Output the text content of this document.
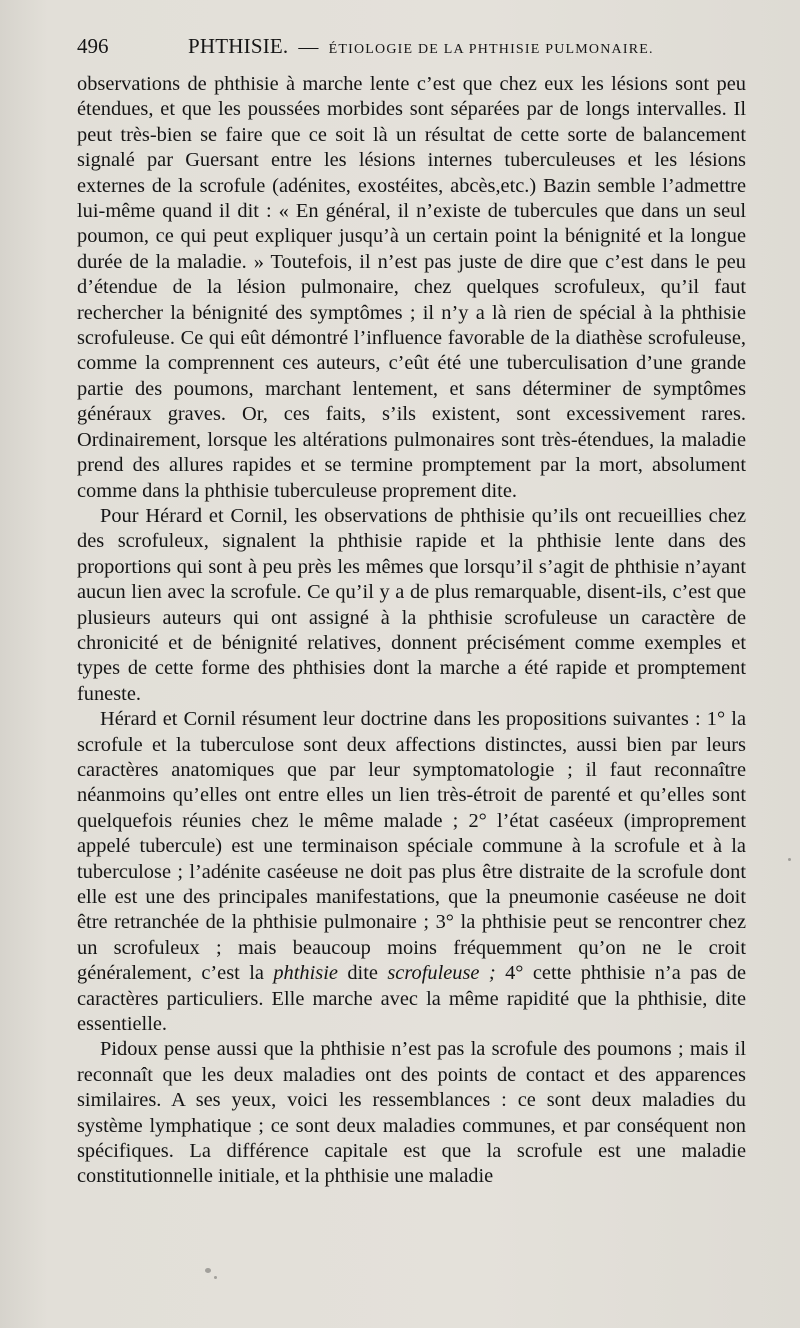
496	PHTHISIE. — ÉTIOLOGIE DE LA PHTHISIE PULMONAIRE.

observations de phthisie à marche lente c’est que chez eux les lésions sont peu étendues, et que les poussées morbides sont séparées par de longs intervalles. Il peut très-bien se faire que ce soit là un résultat de cette sorte de balancement signalé par Guersant entre les lésions internes tuberculeuses et les lésions externes de la scrofule (adénites, exostéites, abcès,etc.) Bazin semble l’admettre lui-même quand il dit : « En général, il n’existe de tubercules que dans un seul poumon, ce qui peut expliquer jusqu’à un certain point la bénignité et la longue durée de la maladie. » Toutefois, il n’est pas juste de dire que c’est dans le peu d’étendue de la lésion pulmonaire, chez quelques scrofuleux, qu’il faut rechercher la bénignité des symptômes ; il n’y a là rien de spécial à la phthisie scrofuleuse. Ce qui eût démontré l’influence favorable de la diathèse scrofuleuse, comme la comprennent ces auteurs, c’eût été une tuberculisation d’une grande partie des poumons, marchant lentement, et sans déterminer de symptômes généraux graves. Or, ces faits, s’ils existent, sont excessivement rares. Ordinairement, lorsque les altérations pulmonaires sont très-étendues, la maladie prend des allures rapides et se termine promptement par la mort, absolument comme dans la phthisie tuberculeuse proprement dite.

Pour Hérard et Cornil, les observations de phthisie qu’ils ont recueillies chez des scrofuleux, signalent la phthisie rapide et la phthisie lente dans des proportions qui sont à peu près les mêmes que lorsqu’il s’agit de phthisie n’ayant aucun lien avec la scrofule. Ce qu’il y a de plus remarquable, disent-ils, c’est que plusieurs auteurs qui ont assigné à la phthisie scrofuleuse un caractère de chronicité et de bénignité relatives, donnent précisément comme exemples et types de cette forme des phthisies dont la marche a été rapide et promptement funeste.

Hérard et Cornil résument leur doctrine dans les propositions suivantes : 1° la scrofule et la tuberculose sont deux affections distinctes, aussi bien par leurs caractères anatomiques que par leur symptomatologie ; il faut reconnaître néanmoins qu’elles ont entre elles un lien très-étroit de parenté et qu’elles sont quelquefois réunies chez le même malade ; 2° l’état caséeux (improprement appelé tubercule) est une terminaison spéciale commune à la scrofule et à la tuberculose ; l’adénite caséeuse ne doit pas plus être distraite de la scrofule dont elle est une des principales manifestations, que la pneumonie caséeuse ne doit être retranchée de la phthisie pulmonaire ; 3° la phthisie peut se rencontrer chez un scrofuleux ; mais beaucoup moins fréquemment qu’on ne le croit généralement, c’est la phthisie dite scrofuleuse ; 4° cette phthisie n’a pas de caractères particuliers. Elle marche avec la même rapidité que la phthisie, dite essentielle.

Pidoux pense aussi que la phthisie n’est pas la scrofule des poumons ; mais il reconnaît que les deux maladies ont des points de contact et des apparences similaires. A ses yeux, voici les ressemblances : ce sont deux maladies du système lymphatique ; ce sont deux maladies communes, et par conséquent non spécifiques. La différence capitale est que la scrofule est une maladie constitutionnelle initiale, et la phthisie une maladie
